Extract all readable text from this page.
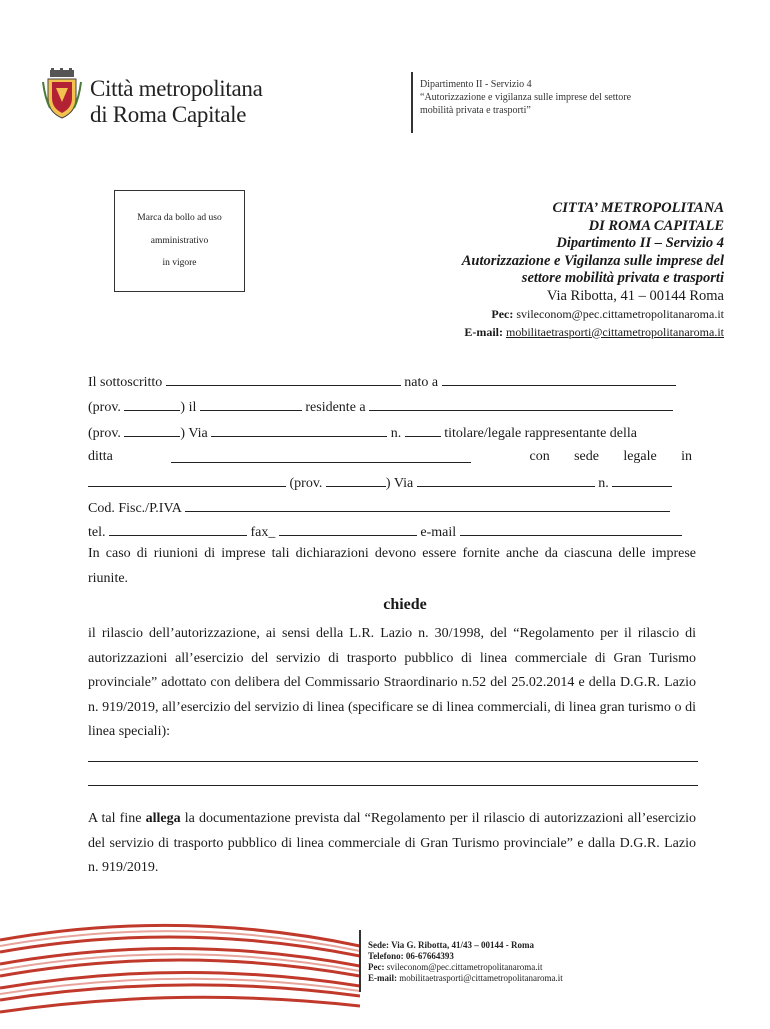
Città metropolitana
di Roma Capitale
Dipartimento II - Servizio 4
“Autorizzazione e vigilanza sulle imprese del settore
mobilità privata e trasporti”
Marca da bollo ad uso
amministrativo
in vigore
CITTA’ METROPOLITANA
DI ROMA CAPITALE
Dipartimento II – Servizio 4
Autorizzazione e Vigilanza sulle imprese del
settore mobilità privata e trasporti
Via Ribotta, 41 – 00144 Roma
Pec: svileconom@pec.cittametropolitanaroma.it
E-mail: mobilitaetrasporti@cittametropolitanaroma.it
Il sottoscritto	nato a
(prov.	) il	residente a
(prov.	) Via	n.	titolare/legale rappresentante della
ditta	con sede legale in
(prov.	) Via	n.
Cod. Fisc./P.IVA
tel.	fax_	e-mail
In caso di riunioni di imprese tali dichiarazioni devono essere fornite anche da ciascuna delle imprese riunite.
chiede
il rilascio dell’autorizzazione, ai sensi della L.R. Lazio n. 30/1998, del “Regolamento per il rilascio di autorizzazioni all’esercizio del servizio di trasporto pubblico di linea commerciale di Gran Turismo provinciale” adottato con delibera del Commissario Straordinario n.52 del 25.02.2014 e della D.G.R. Lazio n. 919/2019, all’esercizio del servizio di linea (specificare se di linea commerciali, di linea gran turismo o di linea speciali):
A tal fine allega la documentazione prevista dal “Regolamento per il rilascio di autorizzazioni all’esercizio del servizio di trasporto pubblico di linea commerciale di Gran Turismo provinciale” e dalla D.G.R. Lazio n. 919/2019.
Sede: Via G. Ribotta, 41/43 – 00144 - Roma
Telefono: 06-67664393
Pec: svileconom@pec.cittametropolitanaroma.it
E-mail: mobilitaetrasporti@cittametropolitanaroma.it
